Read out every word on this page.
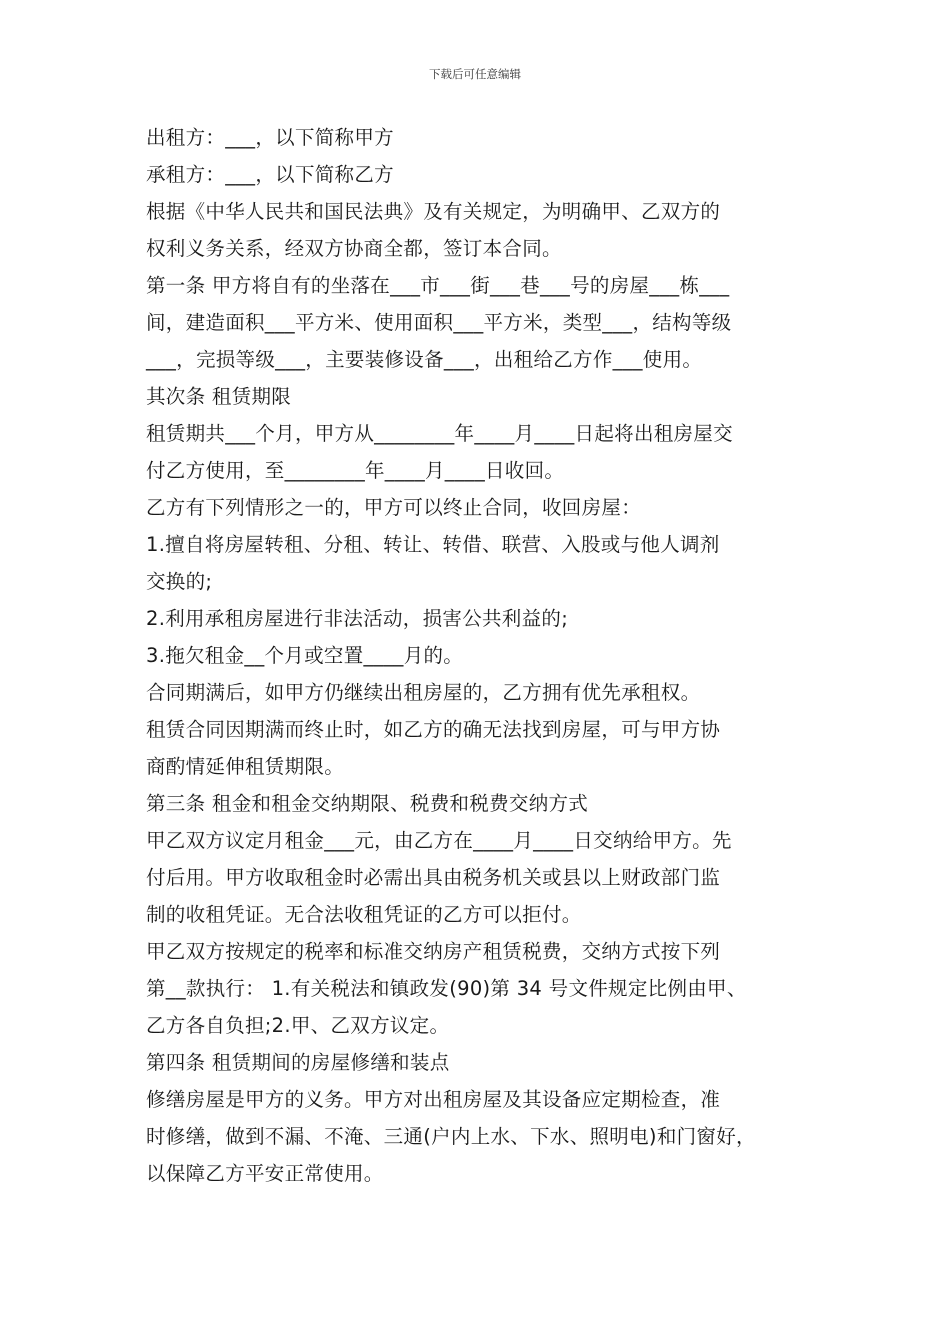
下载后可任意编辑
出租方：___，以下简称甲方
承租方：___，以下简称乙方
根据《中华人民共和国民法典》及有关规定，为明确甲、乙双方的
权利义务关系，经双方协商全都，签订本合同。
第一条 甲方将自有的坐落在___市___街___巷___号的房屋___栋___
间，建造面积___平方米、使用面积___平方米，类型___，结构等级
___，完损等级___，主要装修设备___，出租给乙方作___使用。
其次条 租赁期限
租赁期共___个月，甲方从________年____月____日起将出租房屋交
付乙方使用，至________年____月____日收回。
乙方有下列情形之一的，甲方可以终止合同，收回房屋：
1.擅自将房屋转租、分租、转让、转借、联营、入股或与他人调剂
交换的;
2.利用承租房屋进行非法活动，损害公共利益的;
3.拖欠租金__个月或空置____月的。
合同期满后，如甲方仍继续出租房屋的，乙方拥有优先承租权。
租赁合同因期满而终止时，如乙方的确无法找到房屋，可与甲方协
商酌情延伸租赁期限。
第三条 租金和租金交纳期限、税费和税费交纳方式
甲乙双方议定月租金___元，由乙方在____月____日交纳给甲方。先
付后用。甲方收取租金时必需出具由税务机关或县以上财政部门监
制的收租凭证。无合法收租凭证的乙方可以拒付。
甲乙双方按规定的税率和标准交纳房产租赁税费，交纳方式按下列
第__款执行： 1.有关税法和镇政发(90)第 34 号文件规定比例由甲、
乙方各自负担;2.甲、乙双方议定。
第四条 租赁期间的房屋修缮和装点
修缮房屋是甲方的义务。甲方对出租房屋及其设备应定期检查，准
时修缮，做到不漏、不淹、三通(户内上水、下水、照明电)和门窗好，
以保障乙方平安正常使用。
